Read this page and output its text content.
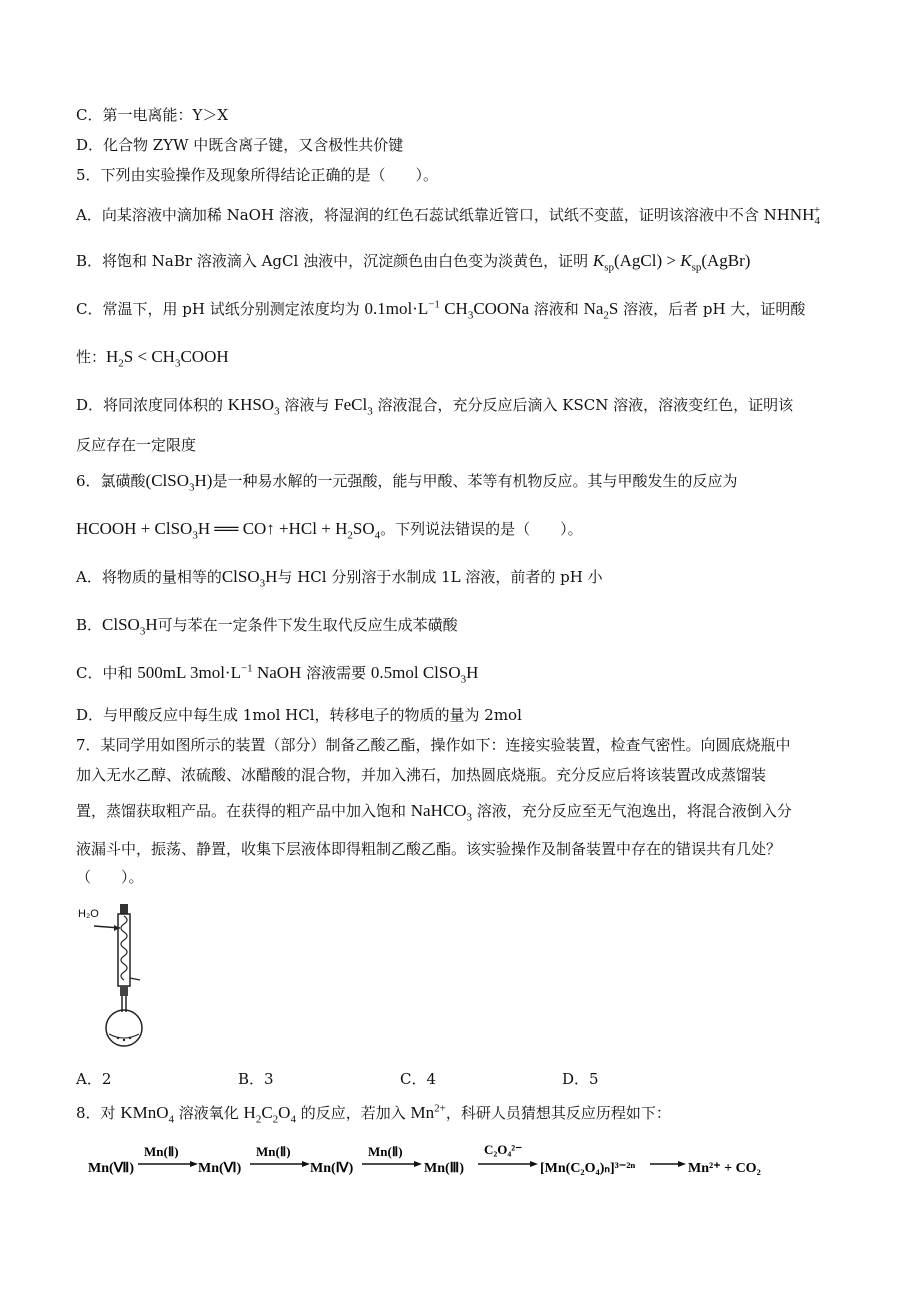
C．第一电离能：Y＞X
D．化合物 ZYW 中既含离子键，又含极性共价键
5．下列由实验操作及现象所得结论正确的是（　　）。
A．向某溶液中滴加稀 NaOH 溶液，将湿润的红色石蕊试纸靠近管口，试纸不变蓝，证明该溶液中不含 $NHNH_4^+$
B．将饱和 NaBr 溶液滴入 AgCl 浊液中，沉淀颜色由白色变为淡黄色，证明 $K_{sp}(AgCl)$ > $K_{sp}(AgBr)$
C．常温下，用 pH 试纸分别测定浓度均为 $0.1mol\cdot L^{-1}$ $CH_3COONa$ 溶液和 $Na_2S$ 溶液，后者 pH 大，证明酸
性：$H_2S$ < $CH_3COOH$
D．将同浓度同体积的 $KHSO_3$ 溶液与 FeCl$_3$ 溶液混合，充分反应后滴入 KSCN 溶液，溶液变红色，证明该
反应存在一定限度
6．氯磺酸(ClSO$_3$H)是一种易水解的一元强酸，能与甲酸、苯等有机物反应。其与甲酸发生的反应为
HCOOH + ClSO$_3$H ══ CO↑ $+HCl + H_2SO_4$。下列说法错误的是（　　）。
A．将物质的量相等的ClSO$_3$H与 HCl 分别溶于水制成 1L 溶液，前者的 pH 小
B．ClSO$_3$H可与苯在一定条件下发生取代反应生成苯磺酸
C．中和 500mL $3mol\cdot L^{-1}$ NaOH 溶液需要 0.5mol ClSO$_3$H
D．与甲酸反应中每生成 1mol HCl，转移电子的物质的量为 2mol
7．某同学用如图所示的装置（部分）制备乙酸乙酯，操作如下：连接实验装置，检查气密性。向圆底烧瓶中
加入无水乙醇、浓硫酸、冰醋酸的混合物，并加入沸石，加热圆底烧瓶。充分反应后将该装置改成蒸馏装
置，蒸馏获取粗产品。在获得的粗产品中加入饱和 NaHCO$_3$ 溶液，充分反应至无气泡逸出，将混合液倒入分
液漏斗中，振荡、静置，收集下层液体即得粗制乙酸乙酯。该实验操作及制备装置中存在的错误共有几处？
（　　）。
H₂O
A．2	B．3	C．4	D．5
8．对 KMnO$_4$ 溶液氧化 $H_2C_2O_4$ 的反应，若加入 $Mn^{2+}$，科研人员猜想其反应历程如下：
Mn(Ⅶ)
Mn(Ⅱ)
Mn(Ⅵ)
Mn(Ⅱ)
Mn(Ⅳ)
Mn(Ⅱ)
Mn(Ⅲ)
C₂O₄²⁻
[Mn(C₂O₄)ₙ]³⁻²ⁿ	Mn²⁺ + CO₂
